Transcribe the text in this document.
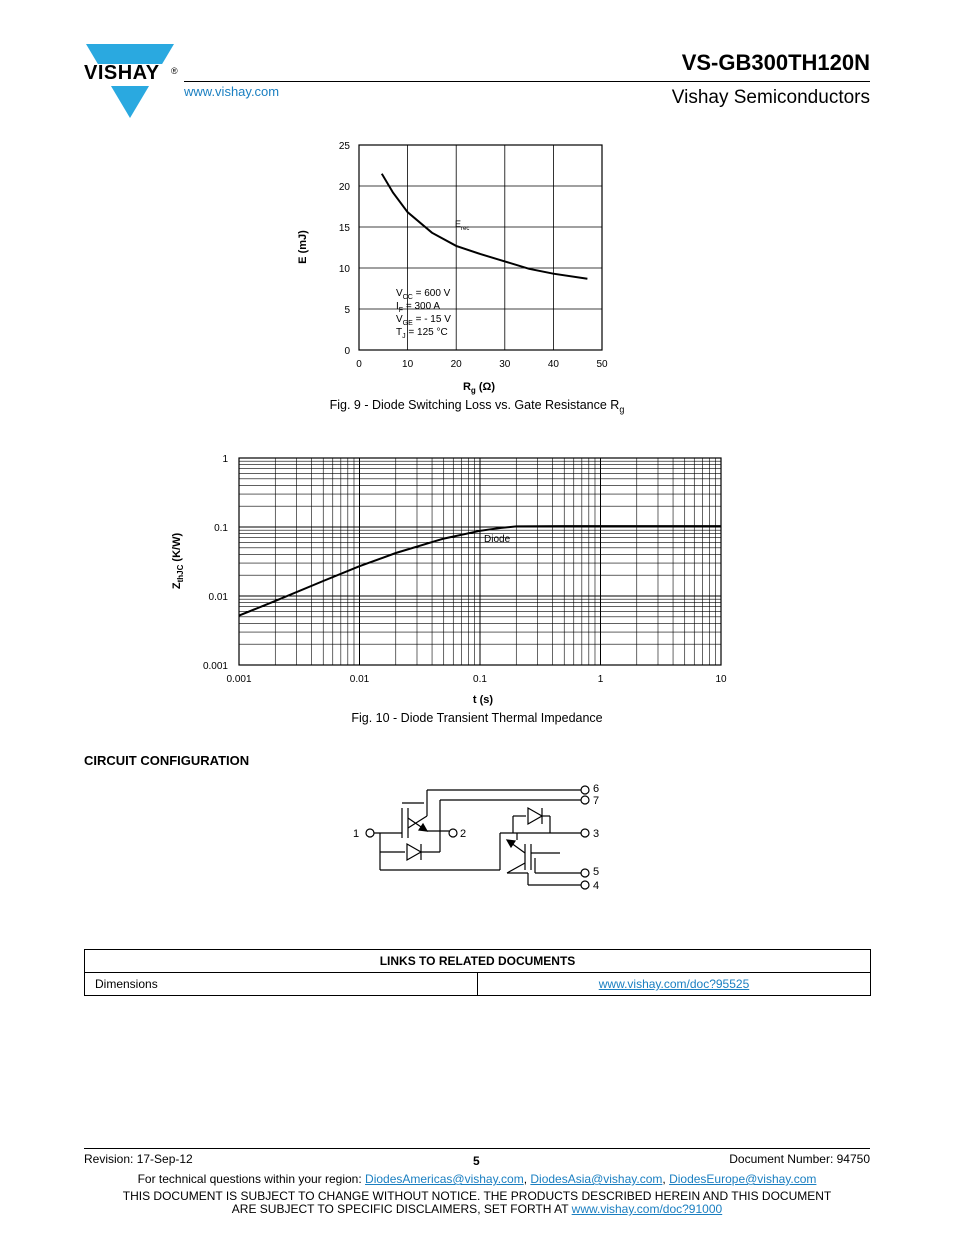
VISHAY ®
www.vishay.com
VS-GB300TH120N
Vishay Semiconductors
0	10	20	30	40	50
0
5
10
15
20
25
E (mJ)
$E_{rec}$
$V_{CC} = 600$ V
$I_F = 300$ A
$V_{GE}$ = - 15 V
$T_J = 125$ °C
$R_g$ (Ω)
Fig. 9 - Diode Switching Loss vs. Gate Resistance $R_g$
0.001	0.01	0.1	1	10
0.001
0.01
0.1
1
Diode
$Z_{thJC}$ (K/W)
t (s)
Fig. 10 - Diode Transient Thermal Impedance
CIRCUIT CONFIGURATION
1	2	3
4
5
6
7
LINKS TO RELATED DOCUMENTS
Dimensions	www.vishay.com/doc?95525
Revision: 17-Sep-12	5	Document Number: 94750
For technical questions within your region: DiodesAmericas@vishay.com, DiodesAsia@vishay.com, DiodesEurope@vishay.com
THIS DOCUMENT IS SUBJECT TO CHANGE WITHOUT NOTICE. THE PRODUCTS DESCRIBED HEREIN AND THIS DOCUMENT
ARE SUBJECT TO SPECIFIC DISCLAIMERS, SET FORTH AT www.vishay.com/doc?91000
